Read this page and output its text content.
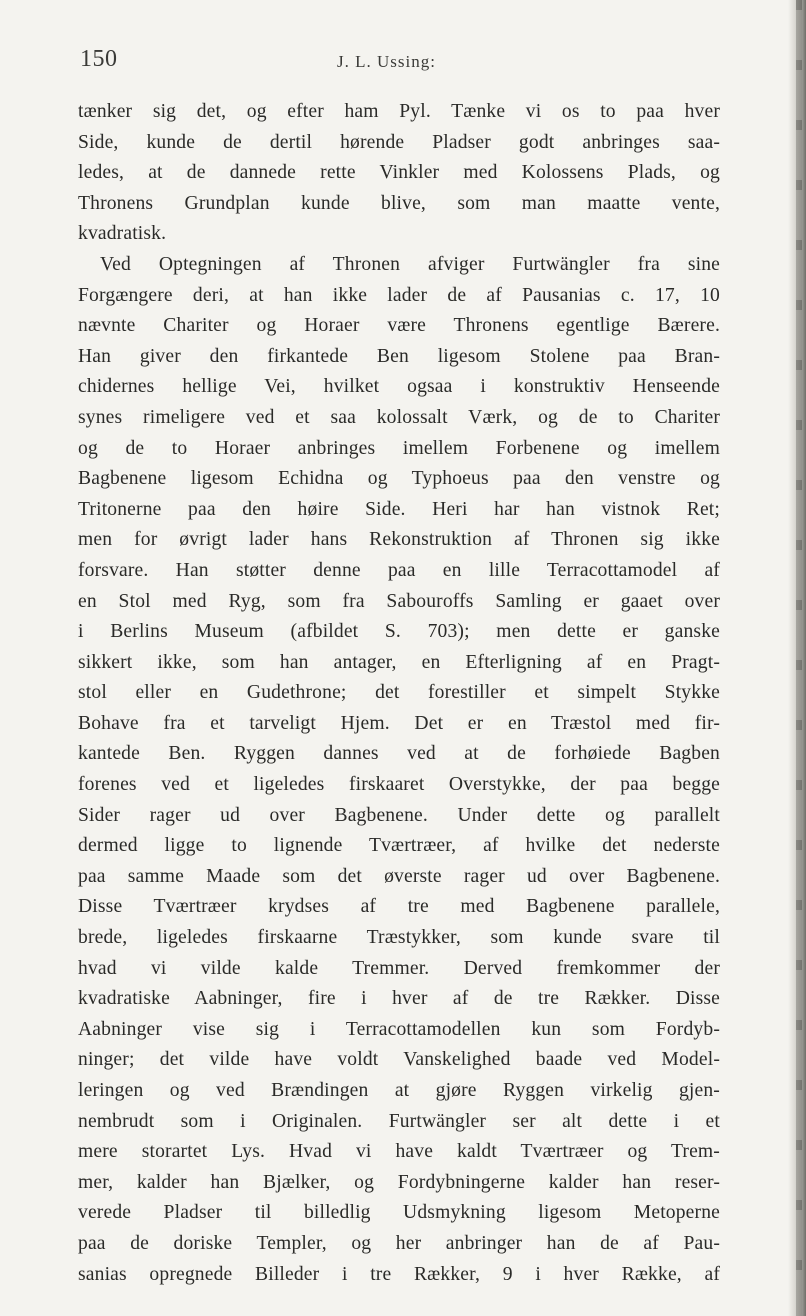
150	J. L. Ussing:
tænker sig det, og efter ham Pyl. Tænke vi os to paa hver
Side, kunde de dertil hørende Pladser godt anbringes saa-
ledes, at de dannede rette Vinkler med Kolossens Plads, og
Thronens Grundplan kunde blive, som man maatte vente,
kvadratisk.
Ved Optegningen af Thronen afviger Furtwängler fra sine
Forgængere deri, at han ikke lader de af Pausanias c. 17, 10
nævnte Chariter og Horaer være Thronens egentlige Bærere.
Han giver den firkantede Ben ligesom Stolene paa Bran-
chidernes hellige Vei, hvilket ogsaa i konstruktiv Henseende
synes rimeligere ved et saa kolossalt Værk, og de to Chariter
og de to Horaer anbringes imellem Forbenene og imellem
Bagbenene ligesom Echidna og Typhoeus paa den venstre og
Tritonerne paa den høire Side. Heri har han vistnok Ret;
men for øvrigt lader hans Rekonstruktion af Thronen sig ikke
forsvare. Han støtter denne paa en lille Terracottamodel af
en Stol med Ryg, som fra Sabouroffs Samling er gaaet over
i Berlins Museum (afbildet S. 703); men dette er ganske
sikkert ikke, som han antager, en Efterligning af en Pragt-
stol eller en Gudethrone; det forestiller et simpelt Stykke
Bohave fra et tarveligt Hjem. Det er en Træstol med fir-
kantede Ben. Ryggen dannes ved at de forhøiede Bagben
forenes ved et ligeledes firskaaret Overstykke, der paa begge
Sider rager ud over Bagbenene. Under dette og parallelt
dermed ligge to lignende Tværtræer, af hvilke det nederste
paa samme Maade som det øverste rager ud over Bagbenene.
Disse Tværtræer krydses af tre med Bagbenene parallele,
brede, ligeledes firskaarne Træstykker, som kunde svare til
hvad vi vilde kalde Tremmer. Derved fremkommer der
kvadratiske Aabninger, fire i hver af de tre Rækker. Disse
Aabninger vise sig i Terracottamodellen kun som Fordyb-
ninger; det vilde have voldt Vanskelighed baade ved Model-
leringen og ved Brændingen at gjøre Ryggen virkelig gjen-
nembrudt som i Originalen. Furtwängler ser alt dette i et
mere storartet Lys. Hvad vi have kaldt Tværtræer og Trem-
mer, kalder han Bjælker, og Fordybningerne kalder han reser-
verede Pladser til billedlig Udsmykning ligesom Metoperne
paa de doriske Templer, og her anbringer han de af Pau-
sanias opregnede Billeder i tre Rækker, 9 i hver Række, af
